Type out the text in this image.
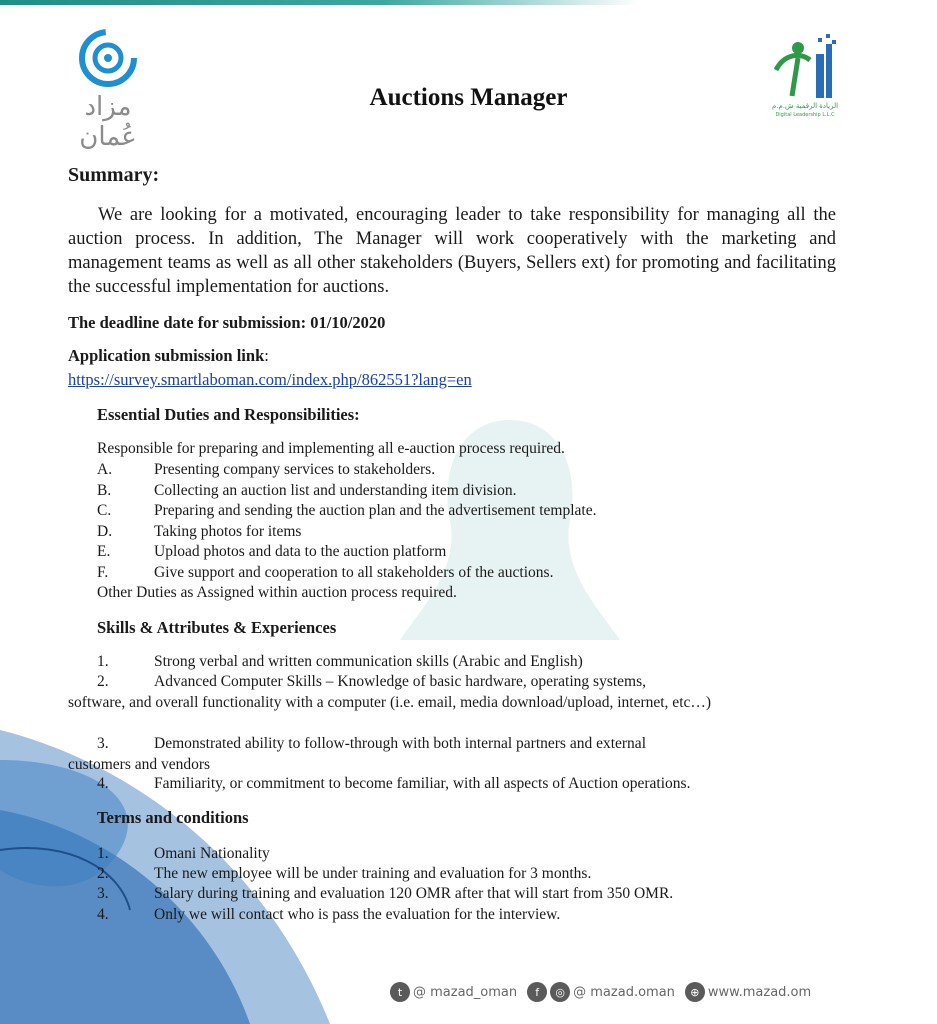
مزاد عُمان
Auctions Manager	الريادة الرقمية ش.م.م
Digital Leadership L.L.C
Summary:
We are looking for a motivated, encouraging leader to take responsibility for managing all the auction process. In addition, The Manager will work cooperatively with the marketing and management teams as well as all other stakeholders (Buyers, Sellers ext) for promoting and facilitating the successful implementation for auctions.
The deadline date for submission: 01/10/2020
Application submission link:
https://survey.smartlaboman.com/index.php/862551?lang=en
Essential Duties and Responsibilities:
Responsible for preparing and implementing all e-auction process required.
A.	Presenting company services to stakeholders.
B.	Collecting an auction list and understanding item division.
C.	Preparing and sending the auction plan and the advertisement template.
D.	Taking photos for items
E.	Upload photos and data to the auction platform
F.	Give support and cooperation to all stakeholders of the auctions.
Other Duties as Assigned within auction process required.
Skills & Attributes & Experiences
1.	Strong verbal and written communication skills (Arabic and English)
2.	Advanced Computer Skills – Knowledge of basic hardware, operating systems,
software, and overall functionality with a computer (i.e. email, media download/upload, internet, etc…)
3.	Demonstrated ability to follow-through with both internal partners and external
customers and vendors
4.	Familiarity, or commitment to become familiar, with all aspects of Auction operations.
Terms and conditions
1.	Omani Nationality
2.	The new employee will be under training and evaluation for 3 months.
3.	Salary during training and evaluation 120 OMR after that will start from 350 OMR.
4.	Only we will contact who is pass the evaluation for the interview.
t @ mazad_oman	f	◎ @ mazad.oman	⊕ www.mazad.om
